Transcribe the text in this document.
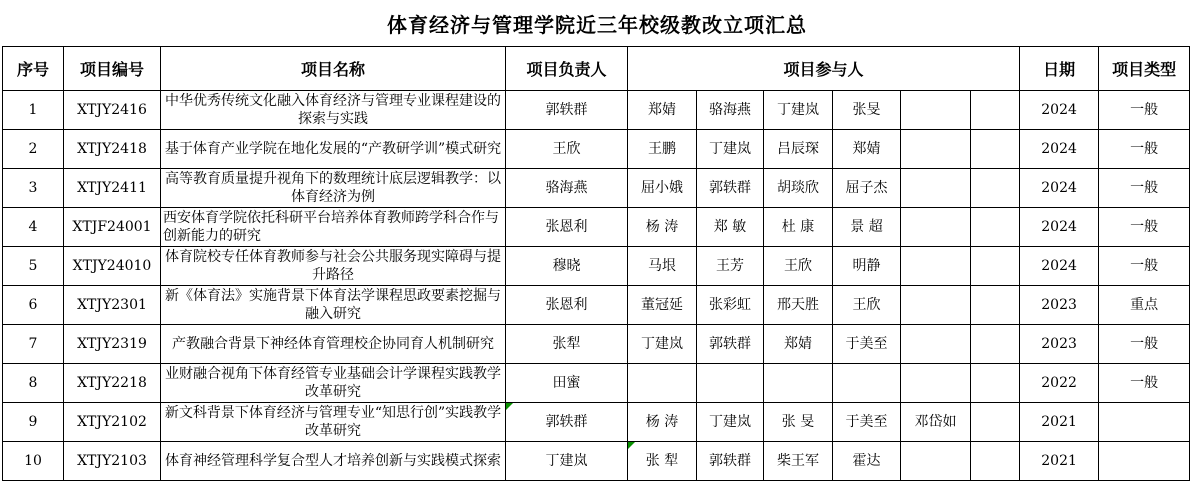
体育经济与管理学院近三年校级教改立项汇总
序号	项目编号	项目名称	项目负责人	项目参与人						日期	项目类型
1	XTJY2416	中华优秀传统文化融入体育经济与管理专业课程建设的探索与实践	郭轶群	郑婧	骆海燕	丁建岚	张旻			2024	一般
2	XTJY2418	基于体育产业学院在地化发展的“产教研学训”模式研究	王欣	王鹏	丁建岚	吕辰琛	郑婧			2024	一般
3	XTJY2411	高等教育质量提升视角下的数理统计底层逻辑教学：以体育经济为例	骆海燕	屈小娥	郭轶群	胡琰欣	屈子杰			2024	一般
4	XTJF24001	西安体育学院依托科研平台培养体育教师跨学科合作与创新能力的研究	张恩利	杨 涛	郑 敏	杜 康	景 超			2024	一般
5	XTJY24010	体育院校专任体育教师参与社会公共服务现实障碍与提升路径	穆晓	马垠	王芳	王欣	明静			2024	一般
6	XTJY2301	新《体育法》实施背景下体育法学课程思政要素挖掘与融入研究	张恩利	董冠延	张彩虹	邢天胜	王欣			2023	重点
7	XTJY2319	产教融合背景下神经体育管理校企协同育人机制研究	张犁	丁建岚	郭轶群	郑婧	于美至			2023	一般
8	XTJY2218	业财融合视角下体育经管专业基础会计学课程实践教学改革研究	田蜜							2022	一般
9	XTJY2102	新文科背景下体育经济与管理专业“知思行创”实践教学改革研究	郭轶群	杨 涛	丁建岚	张 旻	于美至	邓岱如		2021	
10	XTJY2103	体育神经管理科学复合型人才培养创新与实践模式探索	丁建岚	张 犁	郭轶群	柴王军	霍达			2021	
